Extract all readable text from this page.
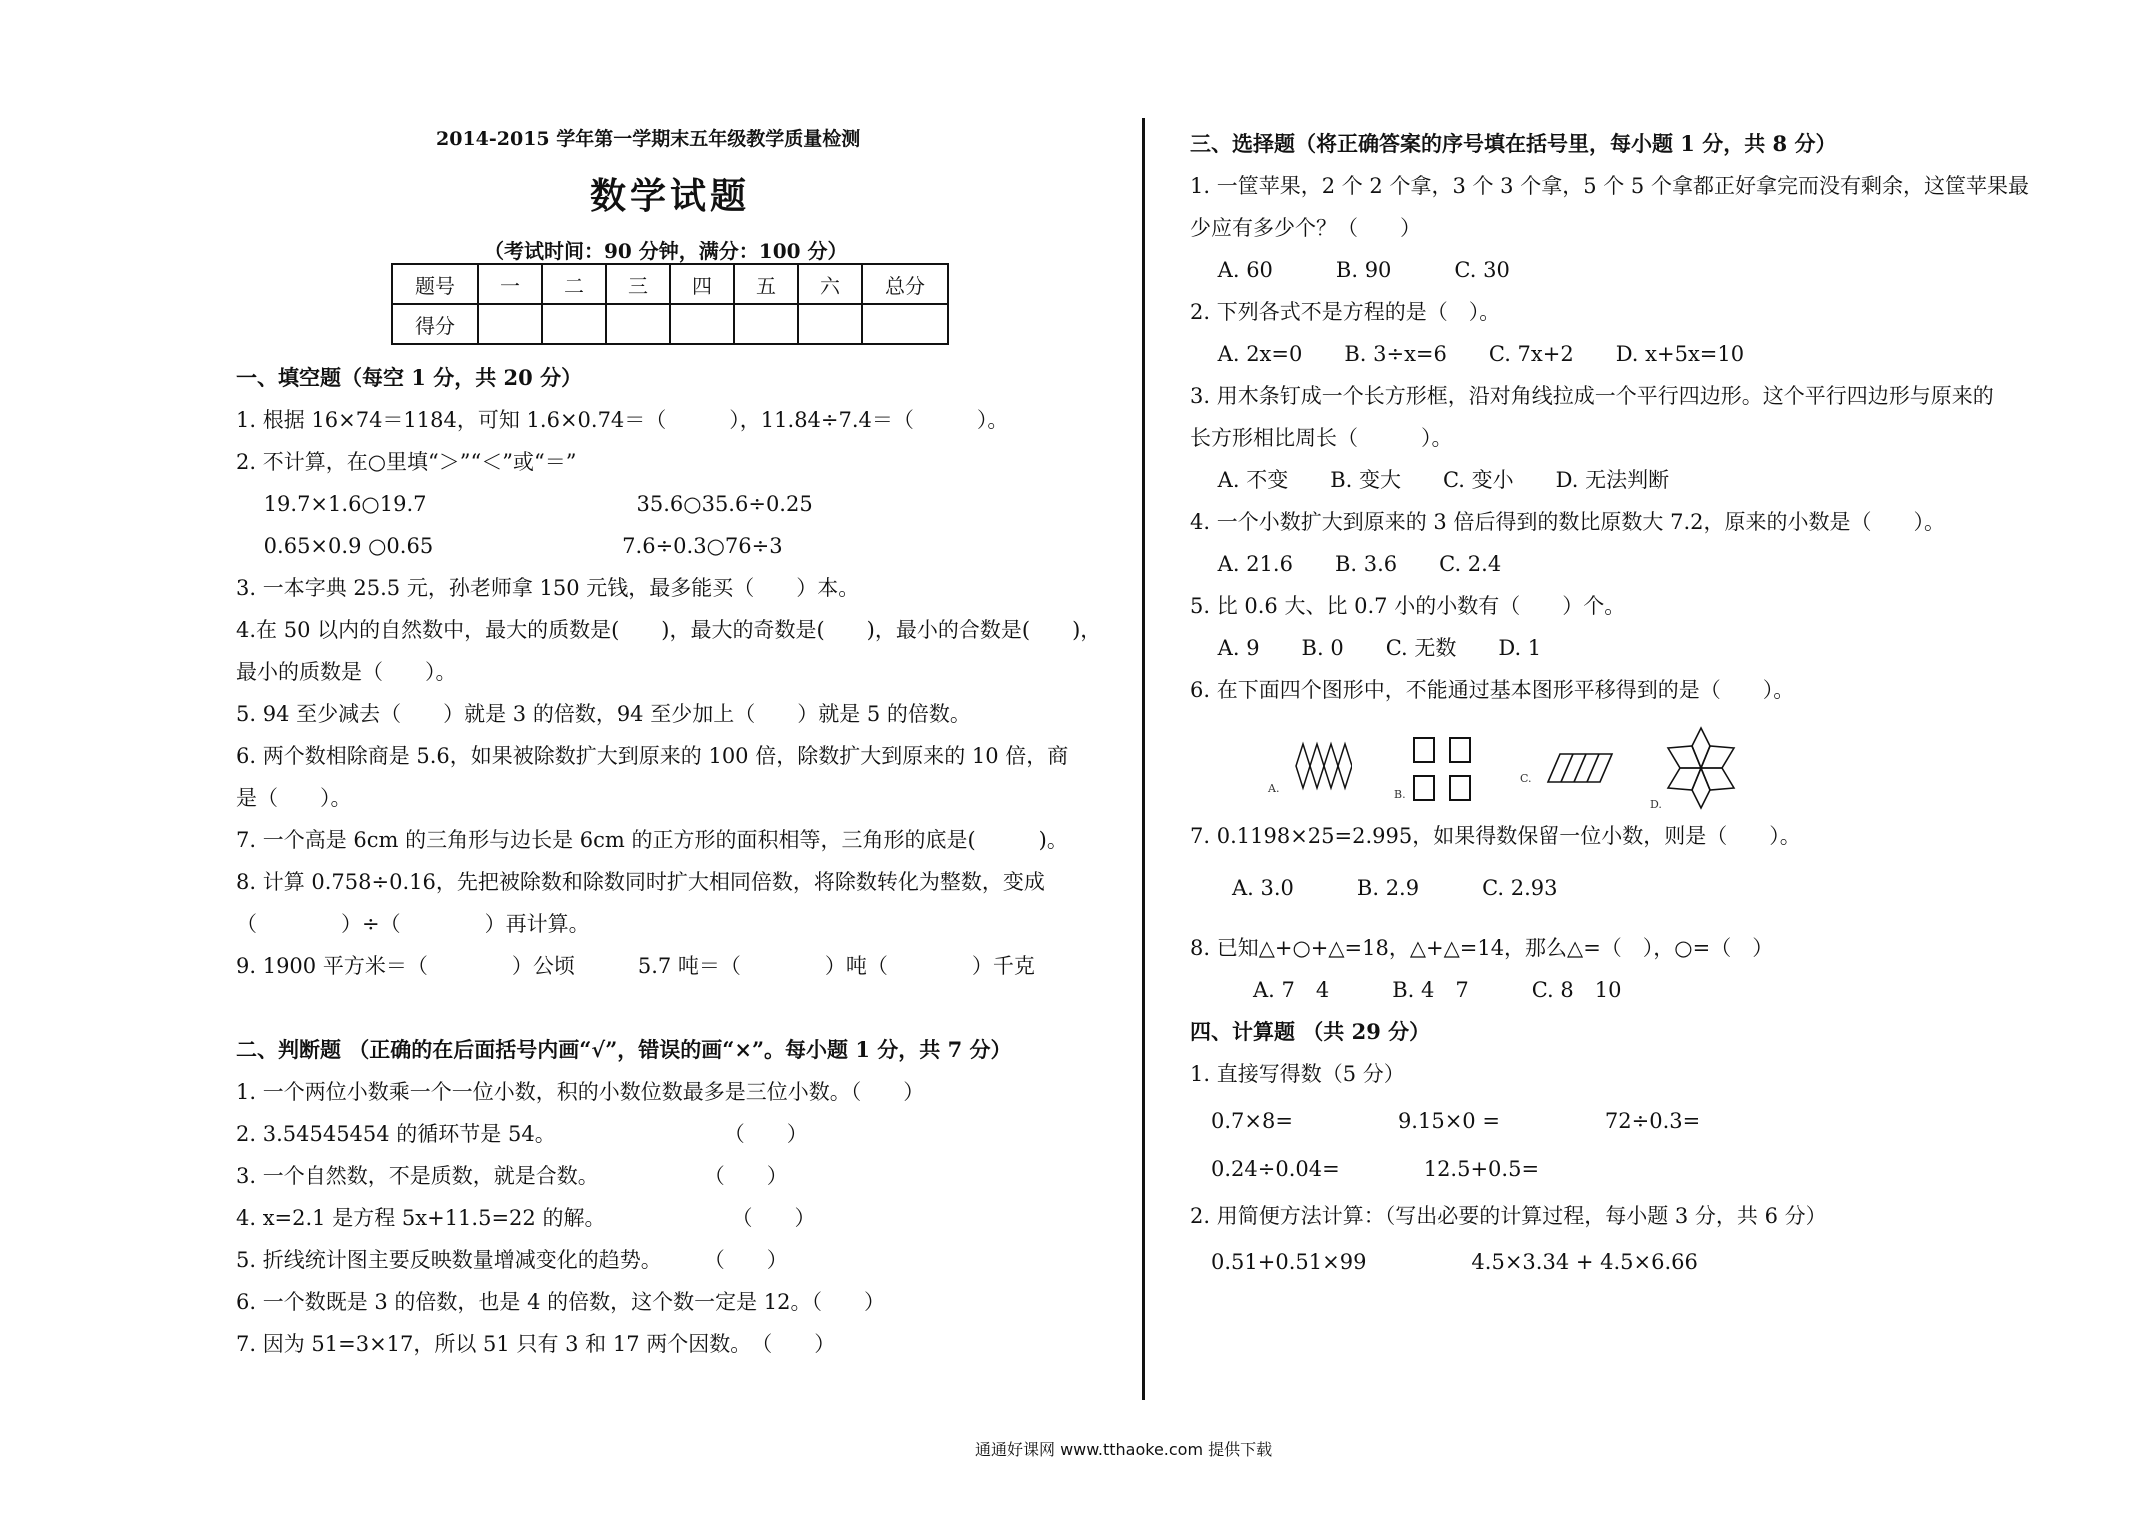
2014-2015 学年第一学期末五年级教学质量检测
数学试题
（考试时间：90 分钟，满分：100 分）
题号	一	二	三	四	五	六	总分
得分							
一、填空题（每空 1 分，共 20 分）
1. 根据 16×74＝1184，可知 1.6×0.74＝（　　　），11.84÷7.4＝（　　　）。
2. 不计算，在○里填“＞”“＜”或“＝”
　 19.7×1.6○19.7　　　　　　　　　　35.6○35.6÷0.25
　 0.65×0.9 ○0.65　　　　　　　　　7.6÷0.3○76÷3
3. 一本字典 25.5 元，孙老师拿 150 元钱，最多能买（　　）本。
4.在 50 以内的自然数中，最大的质数是(　　)，最大的奇数是(　　)，最小的合数是(　　)，
最小的质数是（　　）。
5. 94 至少减去（　　）就是 3 的倍数，94 至少加上（　　）就是 5 的倍数。
6. 两个数相除商是 5.6，如果被除数扩大到原来的 100 倍，除数扩大到原来的 10 倍，商
是（　　）。
7. 一个高是 6cm 的三角形与边长是 6cm 的正方形的面积相等，三角形的底是(　　　)。
8. 计算 0.758÷0.16，先把被除数和除数同时扩大相同倍数，将除数转化为整数，变成
（　　　　）÷（　　　　）再计算。
9. 1900 平方米＝（　　　　）公顷　　　5.7 吨＝（　　　　）吨（　　　　）千克
二、判断题 （正确的在后面括号内画“√”，错误的画“×”。每小题 1 分，共 7 分）
1. 一个两位小数乘一个一位小数，积的小数位数最多是三位小数。（　　）
2. 3.54545454 的循环节是 54。　　　　　　　　　（　　）
3. 一个自然数，不是质数，就是合数。　　　　　　（　　）
4. x=2.1 是方程 5x+11.5=22 的解。　　　　　　　（　　）
5. 折线统计图主要反映数量增减变化的趋势。　　　（　　）
6. 一个数既是 3 的倍数，也是 4 的倍数，这个数一定是 12。（　　）
7. 因为 51=3×17，所以 51 只有 3 和 17 两个因数。　（　　）
三、选择题（将正确答案的序号填在括号里，每小题 1 分，共 8 分）
1. 一筐苹果，2 个 2 个拿，3 个 3 个拿，5 个 5 个拿都正好拿完而没有剩余，这筐苹果最
少应有多少个？（　　）
　 A. 60　　　B. 90　　　C. 30
2. 下列各式不是方程的是（　）。
　 A. 2x=0　　B. 3÷x=6　　C. 7x+2　　D. x+5x=10
3. 用木条钉成一个长方形框，沿对角线拉成一个平行四边形。这个平行四边形与原来的
长方形相比周长（　　　）。
　 A. 不变　　B. 变大　　C. 变小　　D. 无法判断
4. 一个小数扩大到原来的 3 倍后得到的数比原数大 7.2，原来的小数是（　　）。
　 A. 21.6　　B. 3.6　　C. 2.4
5. 比 0.6 大、比 0.7 小的小数有（　　）个。
　 A. 9　　B. 0　　C. 无数　　D. 1
6. 在下面四个图形中，不能通过基本图形平移得到的是（　　）。
A.	B.
C.
D.
7. 0.1198×25=2.995，如果得数保留一位小数，则是（　　）。
　　A. 3.0　　　B. 2.9　　　C. 2.93
8. 已知△+○+△=18，△+△=14，那么△=（　），○=（　）
　　　A. 7　4　　　B. 4　7　　　C. 8　10
四、计算题 （共 29 分）
1. 直接写得数（5 分）
　0.7×8=　　　　　9.15×0 =　　　　　72÷0.3=
　0.24÷0.04=　　　　12.5+0.5=
2. 用简便方法计算：（写出必要的计算过程，每小题 3 分，共 6 分）
　0.51+0.51×99　　　　　4.5×3.34 + 4.5×6.66
通通好课网 www.tthaoke.com 提供下载
